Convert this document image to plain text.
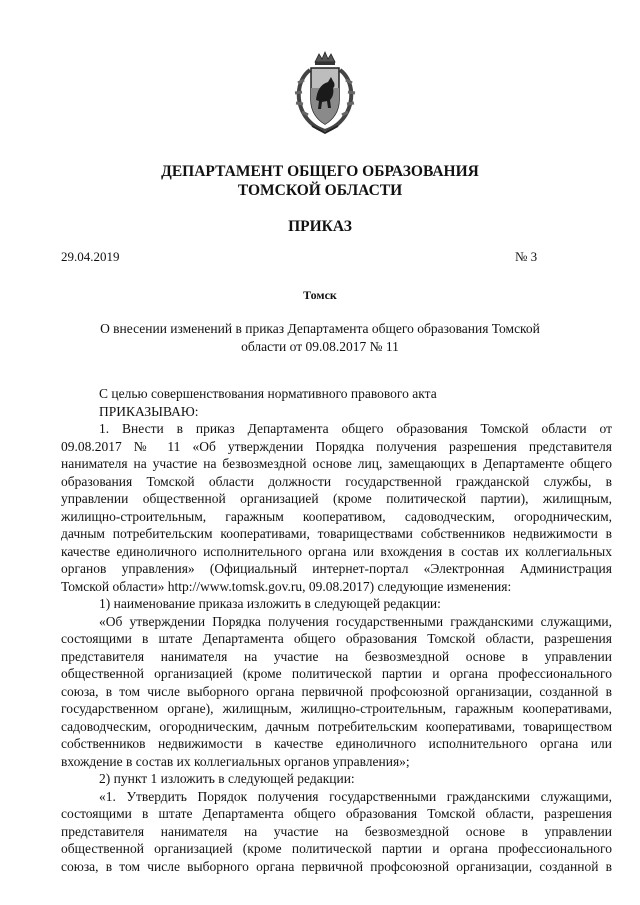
ДЕПАРТАМЕНТ ОБЩЕГО ОБРАЗОВАНИЯ
ТОМСКОЙ ОБЛАСТИ
ПРИКАЗ
29.04.2019	№ 3
Томск
О внесении изменений в приказ Департамента общего образования Томской
области от 09.08.2017 № 11
С целью совершенствования нормативного правового акта
ПРИКАЗЫВАЮ:
1. Внести в приказ Департамента общего образования Томской области от
09.08.2017 № 11 «Об утверждении Порядка получения разрешения представителя
нанимателя на участие на безвозмездной основе лиц, замещающих в Департаменте общего
образования Томской области должности государственной гражданской службы, в
управлении общественной организацией (кроме политической партии), жилищным,
жилищно-строительным, гаражным кооперативом, садоводческим, огородническим,
дачным потребительским кооперативами, товариществами собственников недвижимости в
качестве единоличного исполнительного органа или вхождения в состав их коллегиальных
органов управления» (Официальный интернет-портал «Электронная Администрация
Томской области» http://www.tomsk.gov.ru, 09.08.2017) следующие изменения:
1) наименование приказа изложить в следующей редакции:
«Об утверждении Порядка получения государственными гражданскими служащими,
состоящими в штате Департамента общего образования Томской области, разрешения
представителя нанимателя на участие на безвозмездной основе в управлении
общественной организацией (кроме политической партии и органа профессионального
союза, в том числе выборного органа первичной профсоюзной организации, созданной в
государственном органе), жилищным, жилищно-строительным, гаражным кооперативами,
садоводческим, огородническим, дачным потребительским кооперативами, товариществом
собственников недвижимости в качестве единоличного исполнительного органа или
вхождение в состав их коллегиальных органов управления»;
2) пункт 1 изложить в следующей редакции:
«1. Утвердить Порядок получения государственными гражданскими служащими,
состоящими в штате Департамента общего образования Томской области, разрешения
представителя нанимателя на участие на безвозмездной основе в управлении
общественной организацией (кроме политической партии и органа профессионального
союза, в том числе выборного органа первичной профсоюзной организации, созданной в
